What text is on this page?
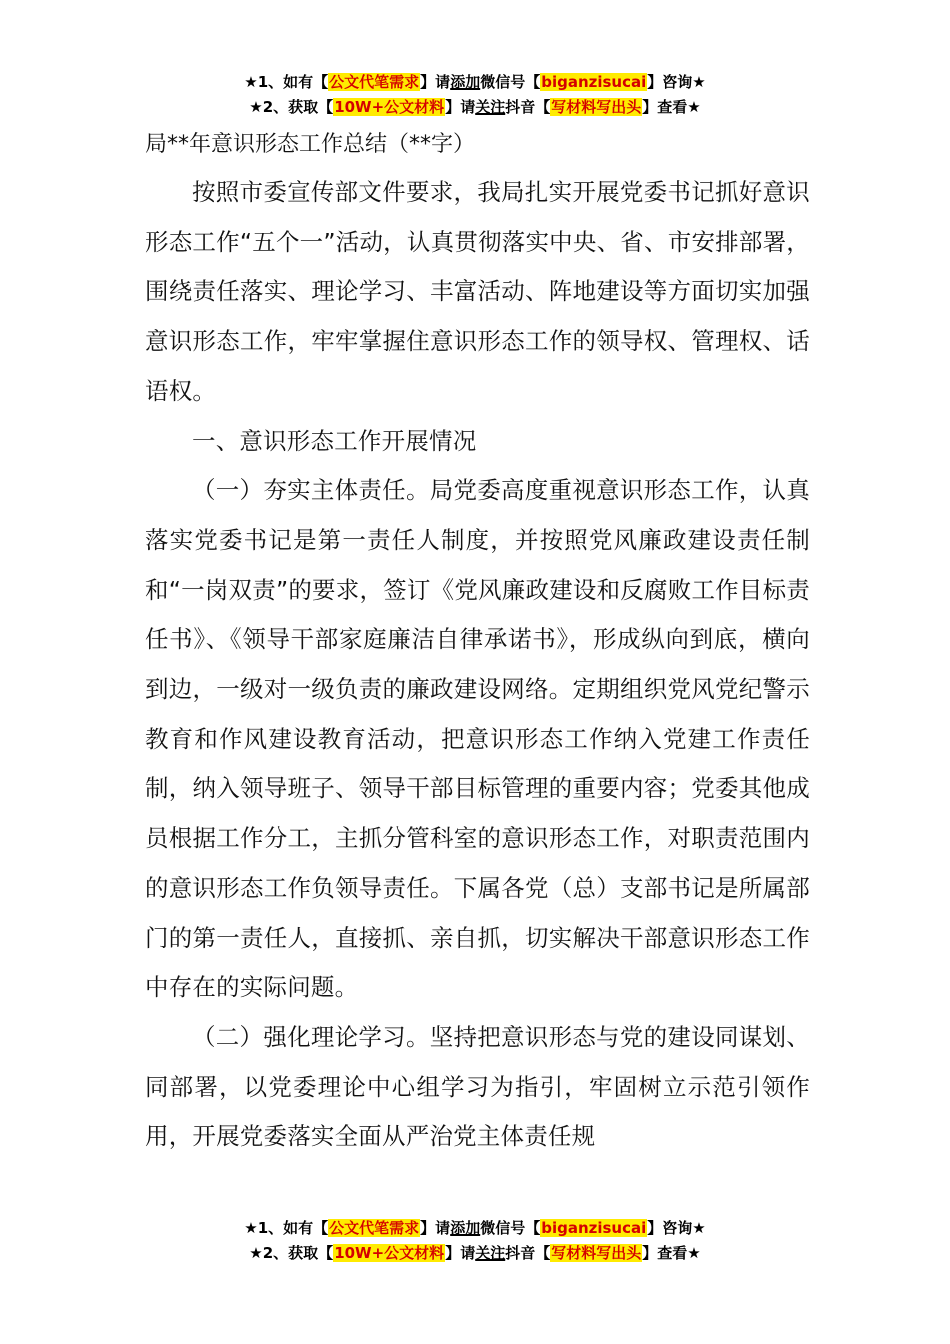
★1、如有【公文代笔需求】请添加微信号【biganzisucai】咨询★
★2、获取【10W+公文材料】请关注抖音【写材料写出头】查看★
局**年意识形态工作总结（**字）

按照市委宣传部文件要求，我局扎实开展党委书记抓好意识形态工作“五个一”活动，认真贯彻落实中央、省、市安排部署，围绕责任落实、理论学习、丰富活动、阵地建设等方面切实加强意识形态工作，牢牢掌握住意识形态工作的领导权、管理权、话语权。

一、意识形态工作开展情况

（一）夯实主体责任。局党委高度重视意识形态工作，认真落实党委书记是第一责任人制度，并按照党风廉政建设责任制和“一岗双责”的要求，签订《党风廉政建设和反腐败工作目标责任书》、《领导干部家庭廉洁自律承诺书》，形成纵向到底，横向到边，一级对一级负责的廉政建设网络。定期组织党风党纪警示教育和作风建设教育活动，把意识形态工作纳入党建工作责任制，纳入领导班子、领导干部目标管理的重要内容；党委其他成员根据工作分工，主抓分管科室的意识形态工作，对职责范围内的意识形态工作负领导责任。下属各党（总）支部书记是所属部门的第一责任人，直接抓、亲自抓，切实解决干部意识形态工作中存在的实际问题。

（二）强化理论学习。坚持把意识形态与党的建设同谋划、同部署，以党委理论中心组学习为指引，牢固树立示范引领作用，开展党委落实全面从严治党主体责任规

★1、如有【公文代笔需求】请添加微信号【biganzisucai】咨询★
★2、获取【10W+公文材料】请关注抖音【写材料写出头】查看★
